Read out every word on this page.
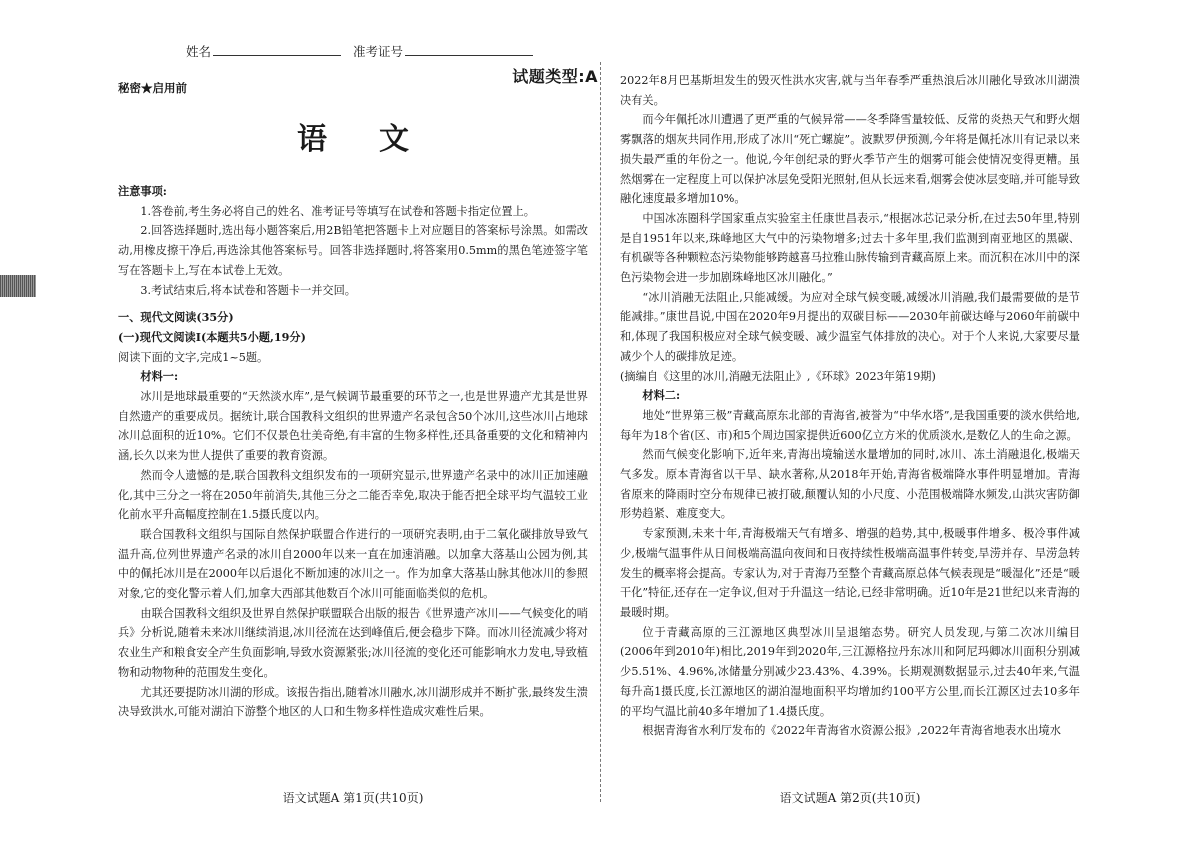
姓名	准考证号
试题类型:A
秘密★启用前
语文

注意事项:

1.答卷前,考生务必将自己的姓名、准考证号等填写在试卷和答题卡指定位置上。

2.回答选择题时,选出每小题答案后,用2B铅笔把答题卡上对应题目的答案标号涂黑。如需改动,用橡皮擦干净后,再选涂其他答案标号。回答非选择题时,将答案用0.5mm的黑色笔迹签字笔写在答题卡上,写在本试卷上无效。

3.考试结束后,将本试卷和答题卡一并交回。

一、现代文阅读(35分)

(一)现代文阅读Ⅰ(本题共5小题,19分)

阅读下面的文字,完成1~5题。

材料一:

冰川是地球最重要的“天然淡水库”,是气候调节最重要的环节之一,也是世界遗产尤其是世界自然遗产的重要成员。据统计,联合国教科文组织的世界遗产名录包含50个冰川,这些冰川占地球冰川总面积的近10%。它们不仅景色壮美奇绝,有丰富的生物多样性,还具备重要的文化和精神内涵,长久以来为世人提供了重要的教育资源。

然而令人遗憾的是,联合国教科文组织发布的一项研究显示,世界遗产名录中的冰川正加速融化,其中三分之一将在2050年前消失,其他三分之二能否幸免,取决于能否把全球平均气温较工业化前水平升高幅度控制在1.5摄氏度以内。

联合国教科文组织与国际自然保护联盟合作进行的一项研究表明,由于二氧化碳排放导致气温升高,位列世界遗产名录的冰川自2000年以来一直在加速消融。以加拿大落基山公园为例,其中的佩托冰川是在2000年以后退化不断加速的冰川之一。作为加拿大落基山脉其他冰川的参照对象,它的变化警示着人们,加拿大西部其他数百个冰川可能面临类似的危机。

由联合国教科文组织及世界自然保护联盟联合出版的报告《世界遗产冰川——气候变化的哨兵》分析说,随着未来冰川继续消退,冰川径流在达到峰值后,便会稳步下降。而冰川径流减少将对农业生产和粮食安全产生负面影响,导致水资源紧张;冰川径流的变化还可能影响水力发电,导致植物和动物物种的范围发生变化。

尤其还要提防冰川湖的形成。该报告指出,随着冰川融水,冰川湖形成并不断扩张,最终发生溃决导致洪水,可能对湖泊下游整个地区的人口和生物多样性造成灾难性后果。

语文试题A 第1页(共10页)

2022年8月巴基斯坦发生的毁灭性洪水灾害,就与当年春季严重热浪后冰川融化导致冰川湖溃决有关。

而今年佩托冰川遭遇了更严重的气候异常——冬季降雪量较低、反常的炎热天气和野火烟雾飘落的烟灰共同作用,形成了冰川“死亡螺旋”。波默罗伊预测,今年将是佩托冰川有记录以来损失最严重的年份之一。他说,今年创纪录的野火季节产生的烟雾可能会使情况变得更糟。虽然烟雾在一定程度上可以保护冰层免受阳光照射,但从长远来看,烟雾会使冰层变暗,并可能导致融化速度最多增加10%。

中国冰冻圈科学国家重点实验室主任康世昌表示,“根据冰芯记录分析,在过去50年里,特别是自1951年以来,珠峰地区大气中的污染物增多;过去十多年里,我们监测到南亚地区的黑碳、有机碳等各种颗粒态污染物能够跨越喜马拉雅山脉传输到青藏高原上来。而沉积在冰川中的深色污染物会进一步加剧珠峰地区冰川融化。”

“冰川消融无法阻止,只能减缓。为应对全球气候变暖,减缓冰川消融,我们最需要做的是节能减排。”康世昌说,中国在2020年9月提出的双碳目标——2030年前碳达峰与2060年前碳中和,体现了我国积极应对全球气候变暖、减少温室气体排放的决心。对于个人来说,大家要尽量减少个人的碳排放足迹。

(摘编自《这里的冰川,消融无法阻止》,《环球》2023年第19期)

材料二:

地处“世界第三极”青藏高原东北部的青海省,被誉为“中华水塔”,是我国重要的淡水供给地,每年为18个省(区、市)和5个周边国家提供近600亿立方米的优质淡水,是数亿人的生命之源。

然而气候变化影响下,近年来,青海出境输送水量增加的同时,冰川、冻土消融退化,极端天气多发。原本青海省以干旱、缺水著称,从2018年开始,青海省极端降水事件明显增加。青海省原来的降雨时空分布规律已被打破,颠覆认知的小尺度、小范围极端降水频发,山洪灾害防御形势趋紧、难度变大。

专家预测,未来十年,青海极端天气有增多、增强的趋势,其中,极暖事件增多、极冷事件减少,极端气温事件从日间极端高温向夜间和日夜持续性极端高温事件转变,旱涝并存、旱涝急转发生的概率将会提高。专家认为,对于青海乃至整个青藏高原总体气候表现是“暖湿化”还是“暖干化”特征,还存在一定争议,但对于升温这一结论,已经非常明确。近10年是21世纪以来青海的最暖时期。

位于青藏高原的三江源地区典型冰川呈退缩态势。研究人员发现,与第二次冰川编目(2006年到2010年)相比,2019年到2020年,三江源格拉丹东冰川和阿尼玛卿冰川面积分别减少5.51%、4.96%,冰储量分别减少23.43%、4.39%。长期观测数据显示,过去40年来,气温每升高1摄氏度,长江源地区的湖泊湿地面积平均增加约100平方公里,而长江源区过去10多年的平均气温比前40多年增加了1.4摄氏度。

根据青海省水利厅发布的《2022年青海省水资源公报》,2022年青海省地表水出境水

语文试题A 第2页(共10页)
